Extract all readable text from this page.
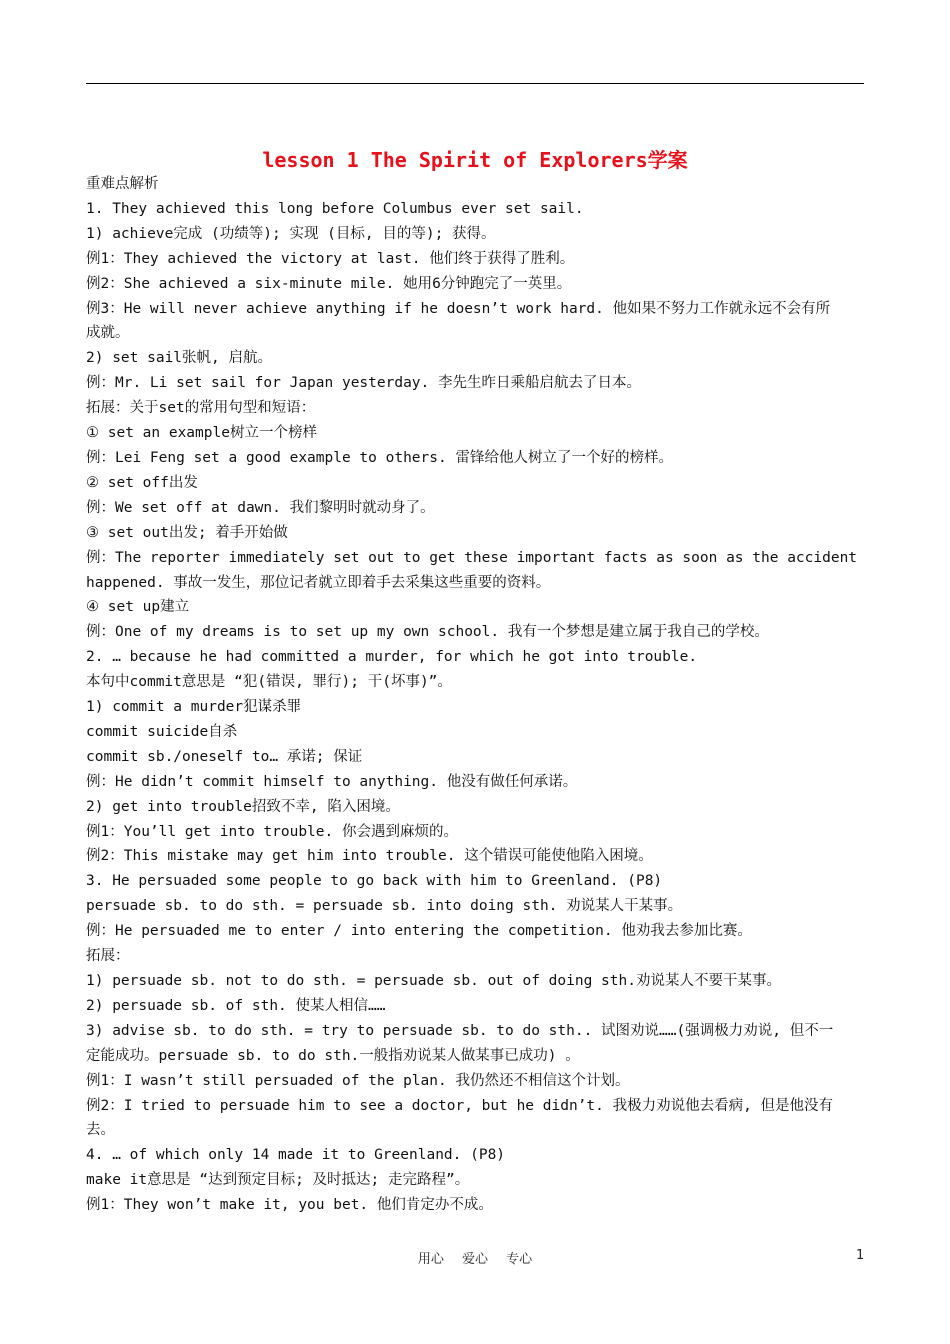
lesson 1 The Spirit of Explorers学案
重难点解析
1. They achieved this long before Columbus ever set sail.
1) achieve完成 (功绩等); 实现 (目标, 目的等); 获得。
例1：They achieved the victory at last. 他们终于获得了胜利。
例2：She achieved a six-minute mile. 她用6分钟跑完了一英里。
例3：He will never achieve anything if he doesn’t work hard. 他如果不努力工作就永远不会有所
成就。
2) set sail张帆, 启航。
例：Mr. Li set sail for Japan yesterday. 李先生昨日乘船启航去了日本。
拓展：关于set的常用句型和短语：
① set an example树立一个榜样
例：Lei Feng set a good example to others. 雷锋给他人树立了一个好的榜样。
② set off出发
例：We set off at dawn. 我们黎明时就动身了。
③ set out出发; 着手开始做
例：The reporter immediately set out to get these important facts as soon as the accident
happened. 事故一发生，那位记者就立即着手去采集这些重要的资料。
④ set up建立
例：One of my dreams is to set up my own school. 我有一个梦想是建立属于我自己的学校。
2. … because he had committed a murder, for which he got into trouble.
本句中commit意思是 “犯(错误, 罪行); 干(坏事)”。
1) commit a murder犯谋杀罪
commit suicide自杀
commit sb./oneself to… 承诺; 保证
例：He didn’t commit himself to anything. 他没有做任何承诺。
2) get into trouble招致不幸, 陷入困境。
例1：You’ll get into trouble. 你会遇到麻烦的。
例2：This mistake may get him into trouble. 这个错误可能使他陷入困境。
3. He persuaded some people to go back with him to Greenland. (P8)
persuade sb. to do sth. = persuade sb. into doing sth. 劝说某人干某事。
例：He persuaded me to enter / into entering the competition. 他劝我去参加比赛。
拓展：
1) persuade sb. not to do sth. = persuade sb. out of doing sth.劝说某人不要干某事。
2) persuade sb. of sth. 使某人相信……
3) advise sb. to do sth. = try to persuade sb. to do sth.. 试图劝说……(强调极力劝说, 但不一
定能成功。persuade sb. to do sth.一般指劝说某人做某事已成功) 。
例1：I wasn’t still persuaded of the plan. 我仍然还不相信这个计划。
例2：I tried to persuade him to see a doctor, but he didn’t. 我极力劝说他去看病, 但是他没有
去。
4. … of which only 14 made it to Greenland. (P8)
make it意思是 “达到预定目标; 及时抵达; 走完路程”。
例1：They won’t make it, you bet. 他们肯定办不成。
用心 爱心 专心	1
